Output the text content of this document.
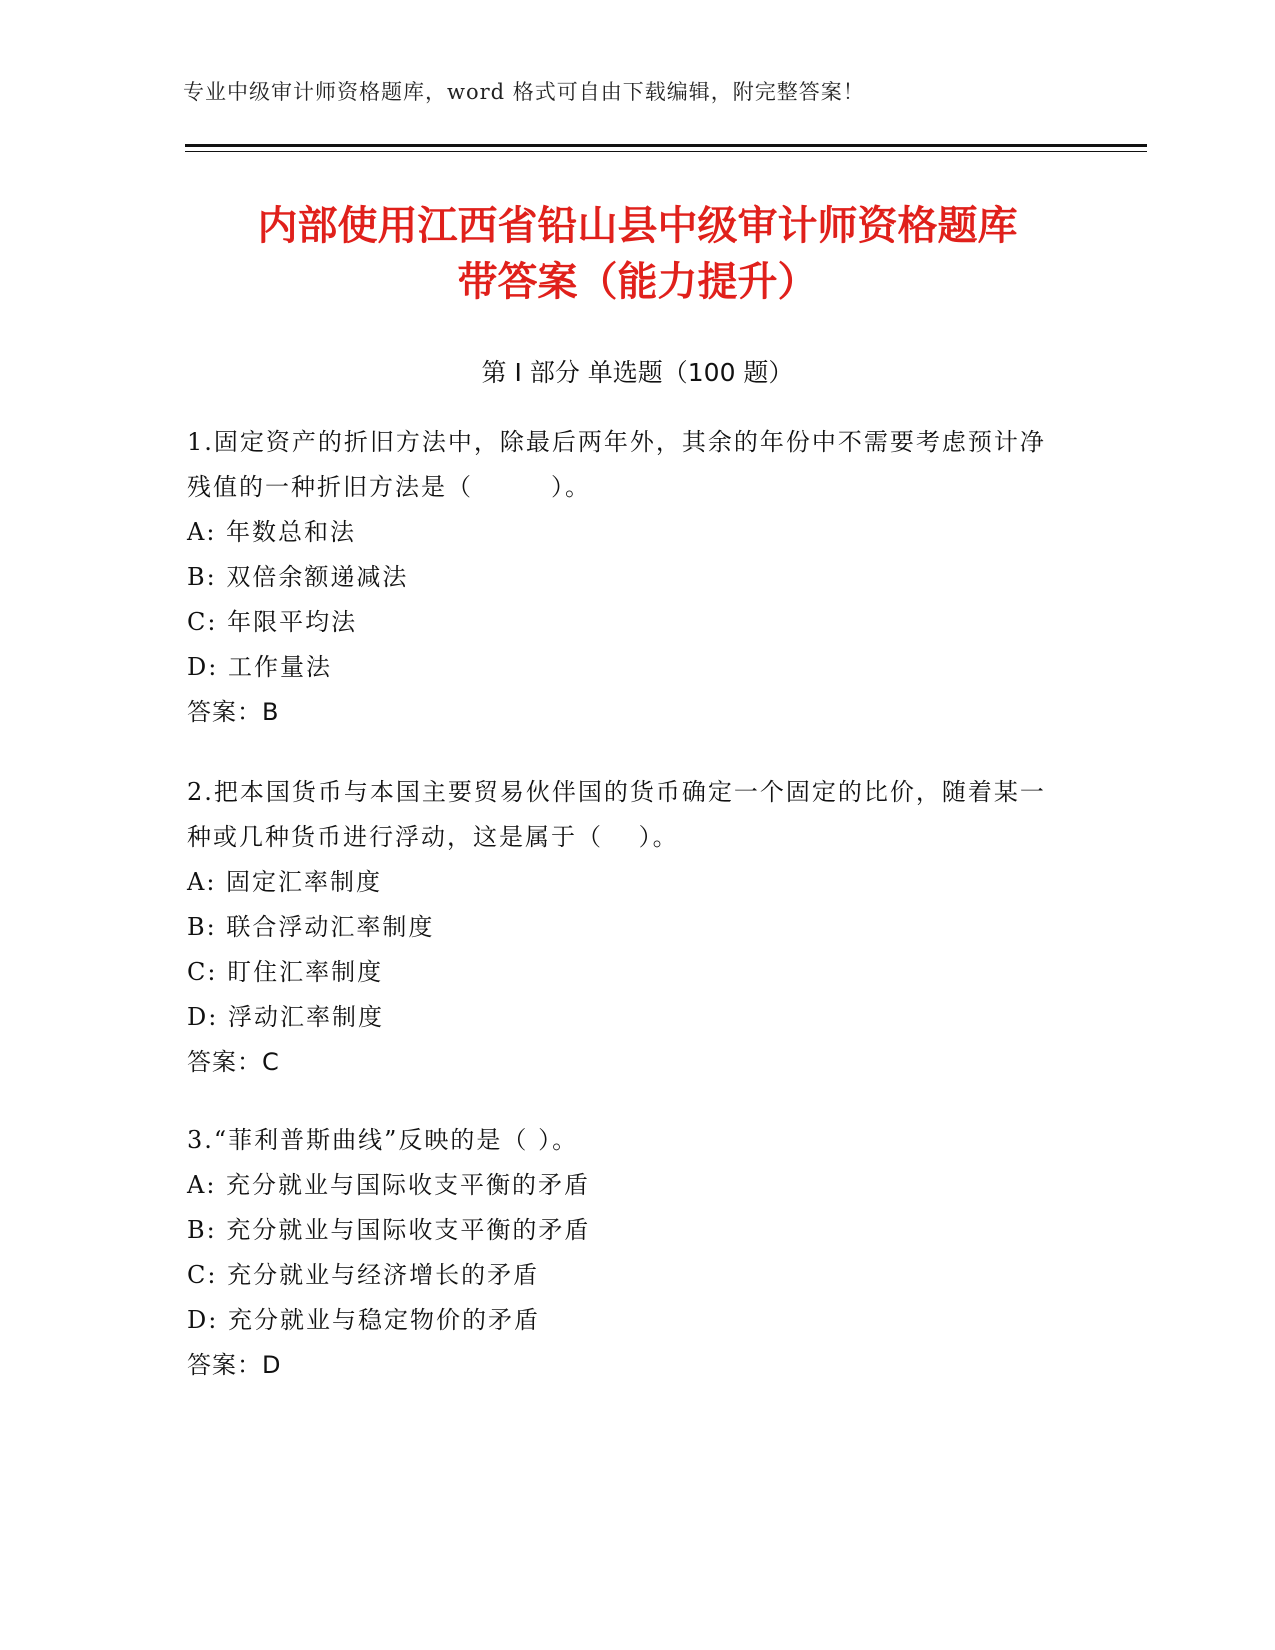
专业中级审计师资格题库，word 格式可自由下载编辑，附完整答案！
内部使用江西省铅山县中级审计师资格题库
带答案（能力提升）
第 I 部分 单选题（100 题）
1.固定资产的折旧方法中，除最后两年外，其余的年份中不需要考虑预计净残值的一种折旧方法是（　　　）。
A: 年数总和法
B: 双倍余额递减法
C: 年限平均法
D: 工作量法
答案：B
2.把本国货币与本国主要贸易伙伴国的货币确定一个固定的比价，随着某一种或几种货币进行浮动，这是属于（　 ）。
A: 固定汇率制度
B: 联合浮动汇率制度
C: 盯住汇率制度
D: 浮动汇率制度
答案：C
3.“菲利普斯曲线”反映的是（ ）。
A: 充分就业与国际收支平衡的矛盾
B: 充分就业与国际收支平衡的矛盾
C: 充分就业与经济增长的矛盾
D: 充分就业与稳定物价的矛盾
答案：D
